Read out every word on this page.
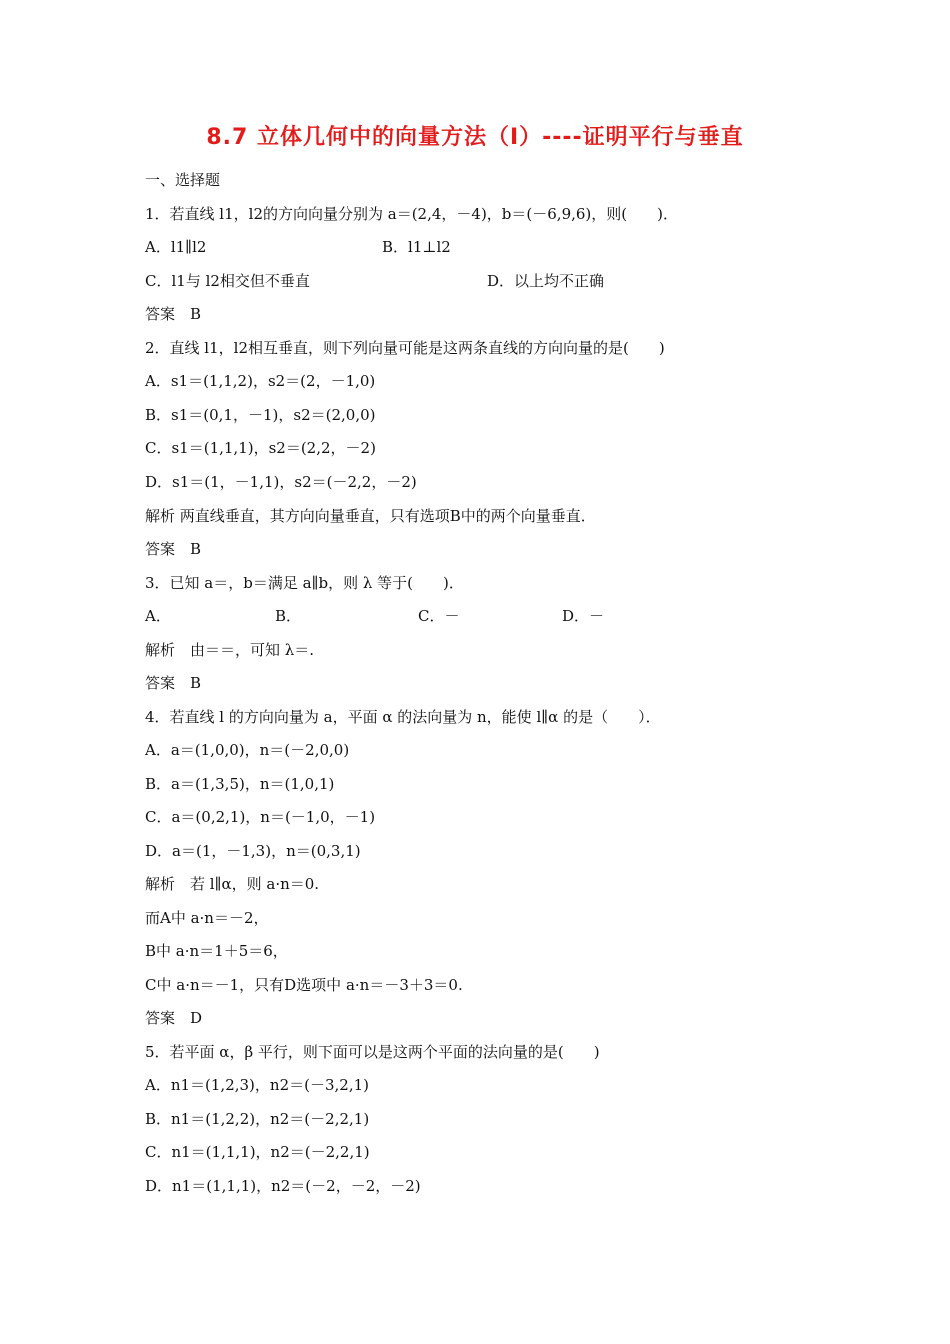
8.7 立体几何中的向量方法（Ⅰ）----证明平行与垂直
一、选择题
1．若直线 l1，l2的方向向量分别为 a＝(2,4，－4)，b＝(－6,9,6)，则(　　)．
A．l1∥l2	B．l1⊥l2
C．l1与 l2相交但不垂直	D．以上均不正确
答案　B
2．直线 l1，l2相互垂直，则下列向量可能是这两条直线的方向向量的是(　　)
A．s1＝(1,1,2)，s2＝(2，－1,0)
B．s1＝(0,1，－1)，s2＝(2,0,0)
C．s1＝(1,1,1)，s2＝(2,2，－2)
D．s1＝(1，－1,1)，s2＝(－2,2，－2)
解析 两直线垂直，其方向向量垂直，只有选项B中的两个向量垂直．
答案　B
3．已知 a＝，b＝满足 a∥b，则 λ 等于(　　)．
A．	B．	C．－	D．－
解析　由＝＝，可知 λ＝.
答案　B
4．若直线 l 的方向向量为 a，平面 α 的法向量为 n，能使 l∥α 的是（　　）．
A．a＝(1,0,0)，n＝(－2,0,0)
B．a＝(1,3,5)，n＝(1,0,1)
C．a＝(0,2,1)，n＝(－1,0，－1)
D．a＝(1，－1,3)，n＝(0,3,1)
解析　若 l∥α，则 a·n＝0.
而A中 a·n＝－2，
B中 a·n＝1＋5＝6，
C中 a·n＝－1，只有D选项中 a·n＝－3＋3＝0.
答案　D
5．若平面 α，β 平行，则下面可以是这两个平面的法向量的是(　　)
A．n1＝(1,2,3)，n2＝(－3,2,1)
B．n1＝(1,2,2)，n2＝(－2,2,1)
C．n1＝(1,1,1)，n2＝(－2,2,1)
D．n1＝(1,1,1)，n2＝(－2，－2，－2)
